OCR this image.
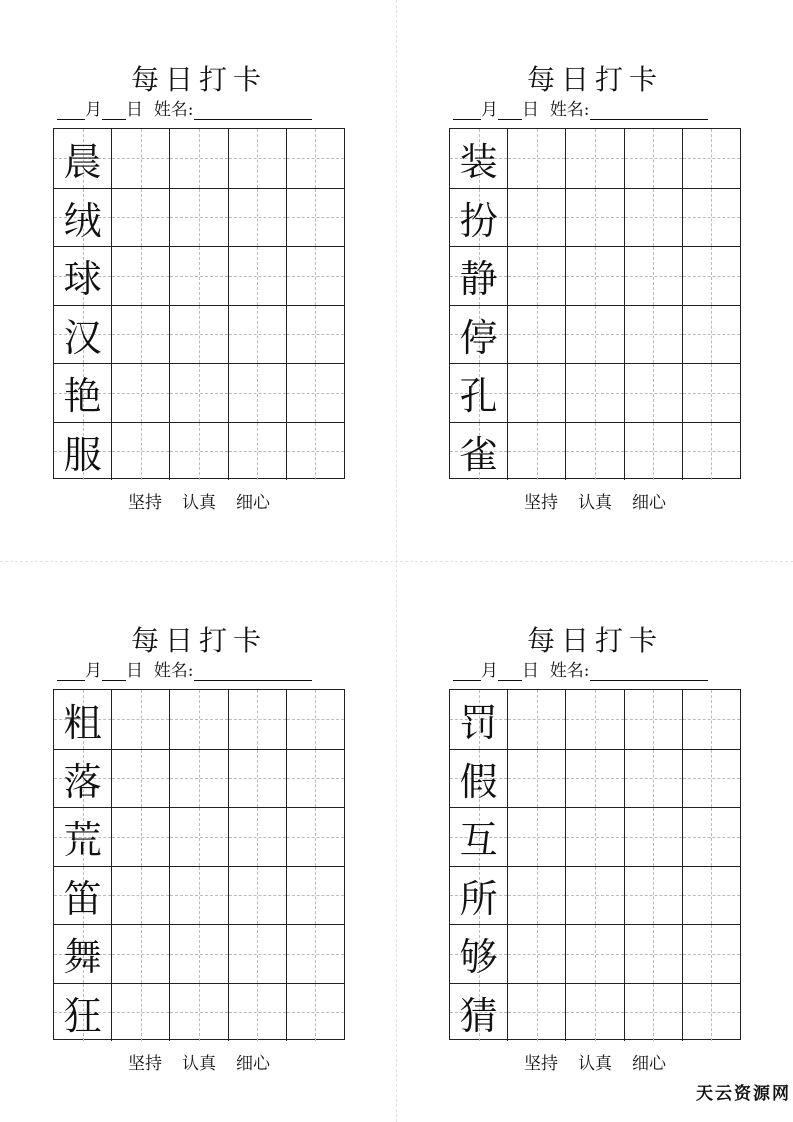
每日打卡
月 日 姓名:
晨
绒
球
汉
艳
服
坚持 认真 细心
每日打卡
月 日 姓名:
装
扮
静
停
孔
雀
坚持 认真 细心
每日打卡
月 日 姓名:
粗
落
荒
笛
舞
狂
坚持 认真 细心
每日打卡
月 日 姓名:
罚
假
互
所
够
猜
坚持 认真 细心
天云资源网
